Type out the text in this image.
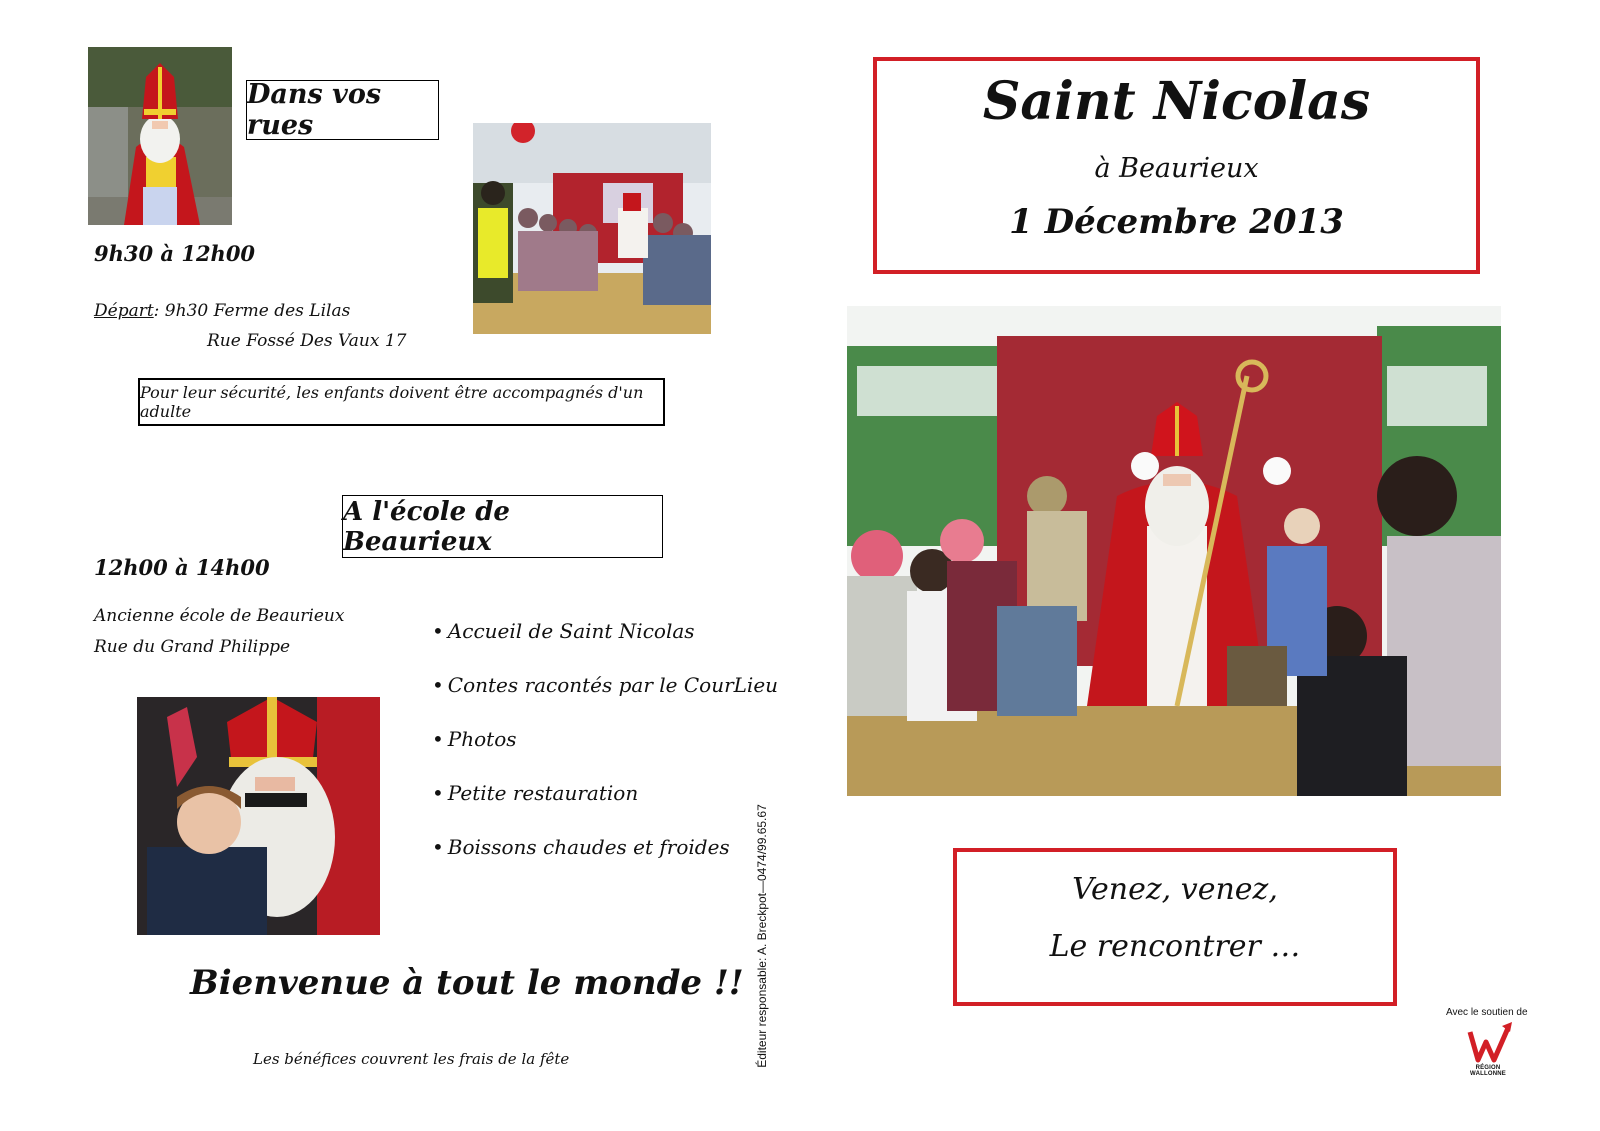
Dans vos rues
9h30 à 12h00
Départ: 9h30 Ferme des Lilas
Rue Fossé Des Vaux 17
Pour leur sécurité, les enfants doivent être accompagnés d'un adulte
A l'école de Beaurieux
12h00 à 14h00
Ancienne école de Beaurieux
Rue du Grand Philippe
• Accueil de Saint Nicolas
• Contes racontés par le CourLieu
• Photos
• Petite restauration
• Boissons chaudes et froides
Bienvenue à tout le monde !!
Les bénéfices couvrent les frais de la fête	Éditeur responsable: A. Breckpot—0474/99.65.67
Saint Nicolas
à Beaurieux
1 Décembre 2013
Venez, venez,
Le rencontrer …
Avec le soutien de
RÉGION WALLONNE
